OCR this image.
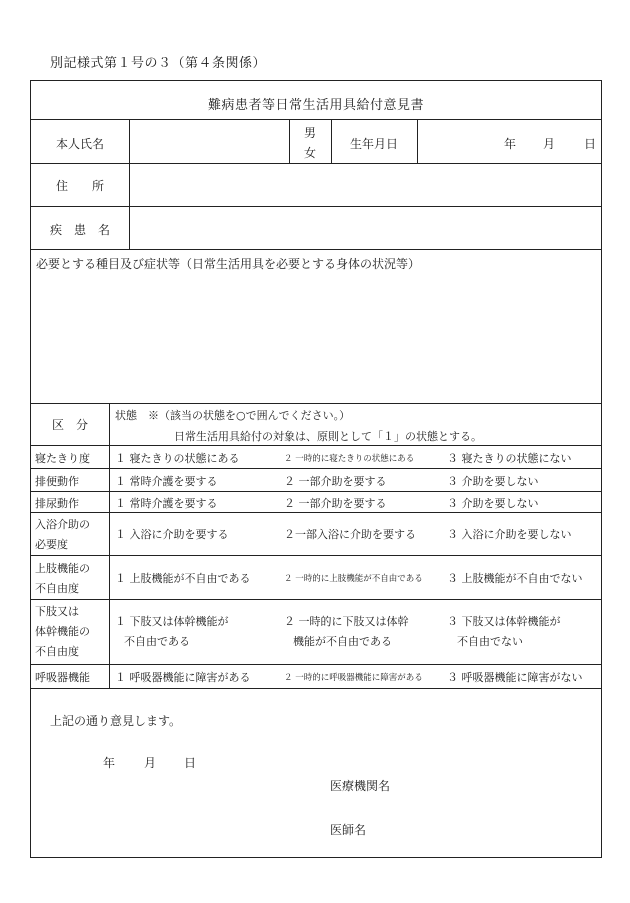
別記様式第１号の３（第４条関係）
難病患者等日常生活用具給付意見書
本人氏名
男
女
生年月日	年 月 日
住　　所
疾　患　名
必要とする種目及び症状等（日常生活用具を必要とする身体の状況等）
区　分
状態　※（該当の状態を○で囲んでください。）
日常生活用具給付の対象は、原則として「１」の状態とする。
寝たきり度 １ 寝たきりの状態にある	２ 一時的に寝たきりの状態にある	３ 寝たきりの状態にない
排便動作	１ 常時介護を要する	２ 一部介助を要する	３ 介助を要しない
排尿動作	１ 常時介護を要する	２ 一部介助を要する	３ 介助を要しない
入浴介助の
必要度
１ 入浴に介助を要する	２一部入浴に介助を要する	３ 入浴に介助を要しない
上肢機能の
不自由度
１ 上肢機能が不自由である	２ 一時的に上肢機能が不自由である ３ 上肢機能が不自由でない
下肢又は
体幹機能の
不自由度
１ 下肢又は体幹機能が
不自由である
２ 一時的に下肢又は体幹
機能が不自由である
３ 下肢又は体幹機能が
不自由でない
呼吸器機能 １ 呼吸器機能に障害がある	２ 一時的に呼吸器機能に障害がある ３ 呼吸器機能に障害がない
上記の通り意見します。
年 月 日
医療機関名
医師名
